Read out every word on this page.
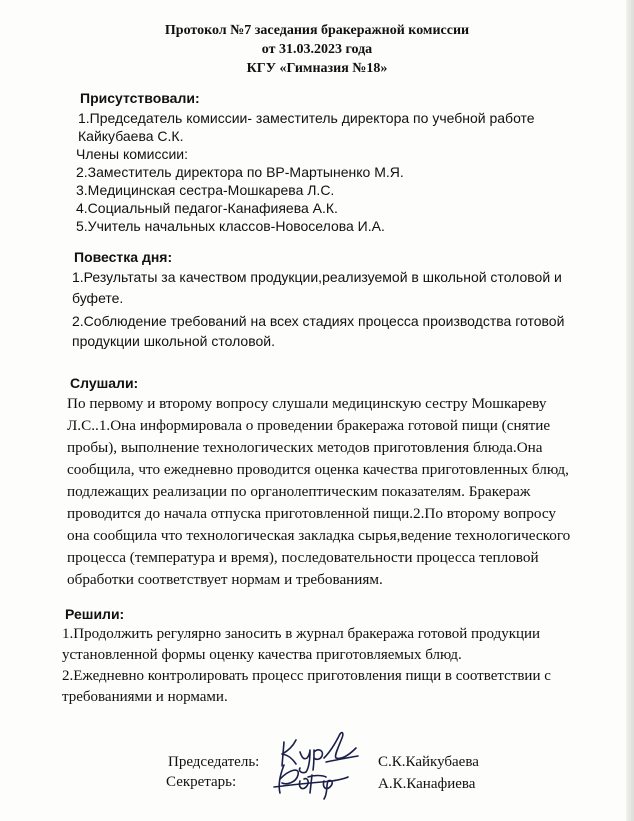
Протокол №7 заседания бракеражной комиссии
от 31.03.2023 года
КГУ «Гимназия №18»
Присутствовали:
1.Председатель комиссии- заместитель директора по учебной работе
Кайкубаева С.К.
Члены комиссии:
2.Заместитель директора по ВР-Мартыненко М.Я.
3.Медицинская сестра-Мошкарева Л.С.
4.Социальный педагог-Канафияева А.К.
5.Учитель начальных классов-Новоселова И.А.
Повестка дня:
1.Результаты за качеством продукции,реализуемой в школьной столовой и
буфете.
2.Соблюдение требований на всех стадиях процесса производства готовой
продукции школьной столовой.
Слушали:
По первому и второму вопросу слушали медицинскую сестру Мошкареву
Л.С..1.Она информировала о проведении бракеража готовой пищи (снятие
пробы), выполнение технологических методов приготовления блюда.Она
сообщила, что ежедневно проводится оценка качества приготовленных блюд,
подлежащих реализации по органолептическим показателям. Бракераж
проводится до начала отпуска приготовленной пищи.2.По второму вопросу
она сообщила что технологическая закладка сырья,ведение технологического
процесса (температура и время), последовательности процесса тепловой
обработки соответствует нормам и требованиям.
Решили:
1.Продолжить регулярно заносить в журнал бракеража готовой продукции
установленной формы оценку качества приготовляемых блюд.
2.Ежедневно контролировать процесс приготовления пищи в соответствии с
требованиями и нормами.
Председатель:	С.К.Кайкубаева
Секретарь:	А.К.Канафиева
